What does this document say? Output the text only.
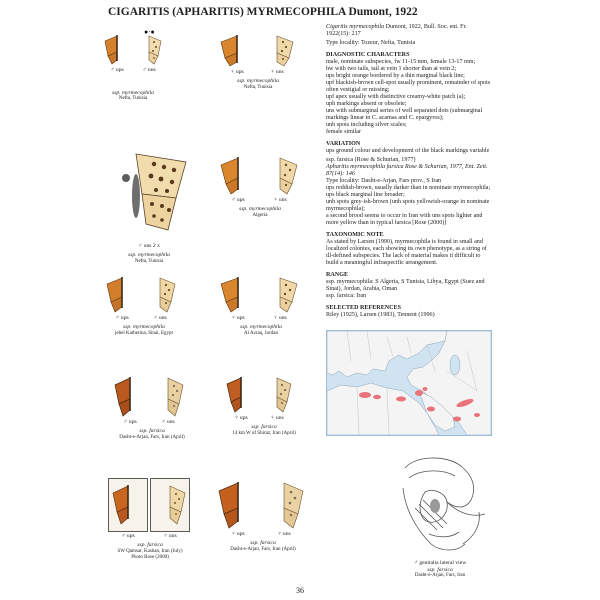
CIGARITIS (APHARITIS) MYRMECOPHILA Dumont, 1922
♂ ups	♂ uns
●·●
♀ ups	♀ uns
ssp. myrmecophila
Nefta, Tunisia
ssp. myrmecophila
Nefta, Tunisia
♂ uns 2 x
ssp. myrmecophila
Nefta, Tunisia
♂ ups	♀ uns
ssp. myrmecophila
Algeria
♂ ups	♂ uns
ssp. myrmecophila
jebel Katherina, Sinai, Egypt
♀ ups	♀ uns
ssp. myrmecophila
Al Azraq, Jordan
♂ ups	♂ uns
ssp. farsica
Dasht-e-Arjan, Fars, Iran (April)
♀ ups	♀ uns
ssp. farsica
14 km W of Shiraz, Iran (April)
♂ ups	♂ uns
ssp. farsica
SW Qamsar, Kashan, Iran (July)
Photo Rose (2000)
♀ ups	♀ uns
ssp. farsica
Dasht-e-Arjan, Fars, Iran (April)

Cigaritis myrmecophila Dumont, 1922, Bull. Soc. ent. Fr. 1922(15): 217

Type locality: Tozeur, Nefta, Tunisia

DIAGNOSTIC CHARACTERS

male, nominate subspecies, fw 11-15 mm, female 13-17 mm;

hw with two tails, tail at vein 1 shorter than at vein 2;

ups bright orange bordered by a thin marginal black line;

upf blackish-brown cell-spot usually prominent, remainder of spots often vestigial or missing;

upf apex usually with distinctive creamy-white patch (a);

uph markings absent or obsolete;

uns with submarginal series of well separated dots (submarginal markings linear in C. acamas and C. epargyros);

unh spots including silver scales;

female similar

VARIATION

ups ground colour and development of the black markings variable

ssp. farsica (Rose & Schurian, 1977)

Apharitis myrmecophila farsica Rose & Schurian, 1977, Ent. Zeit. 87(14): 146

Type locality: Dasht-e-Arjan, Fars prov., S Iran

ups reddish-brown, usually darker than in nominate myrmecophila;

ups black marginal line broader;

unh spots grey-ish-brown (unh spots yellowish-orange in nominate myrmecophila);

a second brood seems to occur in Iran with uns spots lighter and more yellow than in typical farsica [Rose (2000)]

TAXONOMIC NOTE

As stated by Larsen (1990), myrmecophila is found in small and localized colonies, each showing its own phenotype, as a string of ill-defined subspecies. The lack of material makes it difficult to build a meaningful infraspecific arrangement.

RANGE

ssp. myrmecophila: S Algeria, S Tunisia, Libya, Egypt (Suez and Sinai), Jordan, Arabia, Oman

ssp. farsica: Iran

SELECTED REFERENCES

Riley (1925), Larsen (1983), Tennent (1996)

♂ genitalia lateral view
ssp. farsica
Dasht-e-Arjan, Fars, Iran
36
